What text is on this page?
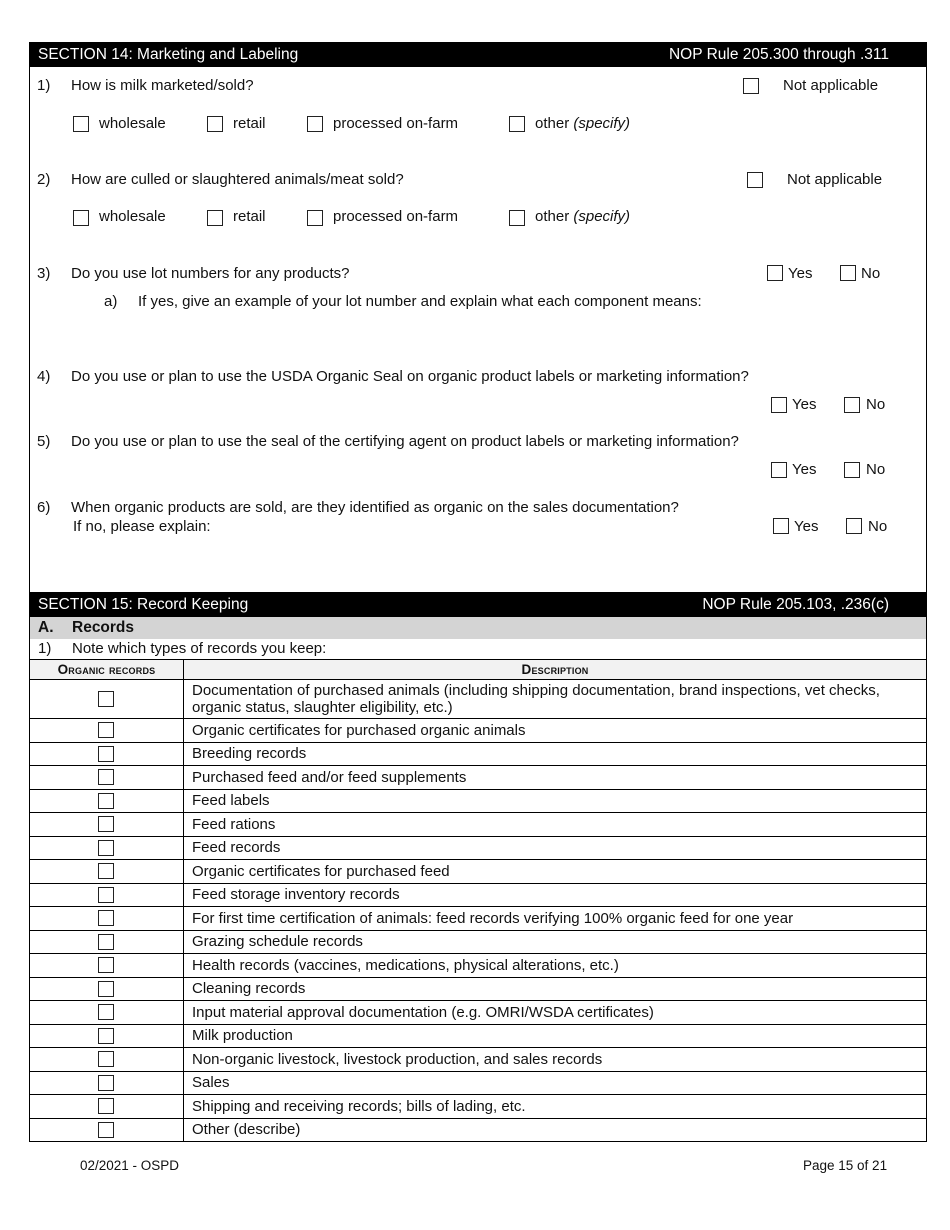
SECTION 14: Marketing and Labeling	NOP Rule 205.300 through .311
1) How is milk marketed/sold?	Not applicable
wholesale	retail	processed on-farm	other (specify)
2) How are culled or slaughtered animals/meat sold?	Not applicable
wholesale	retail	processed on-farm	other (specify)
3) Do you use lot numbers for any products?	Yes	No
a) If yes, give an example of your lot number and explain what each component means:
4) Do you use or plan to use the USDA Organic Seal on organic product labels or marketing information?
Yes	No
5) Do you use or plan to use the seal of the certifying agent on product labels or marketing information?
Yes	No
6) When organic products are sold, are they identified as organic on the sales documentation?
If no, please explain:	Yes	No
SECTION 15: Record Keeping	NOP Rule 205.103, .236(c)
A. Records
1) Note which types of records you keep:
Organic records	Description

	Documentation of purchased animals (including shipping documentation, brand inspections, vet checks, organic status, slaughter eligibility, etc.)

	Organic certificates for purchased organic animals

	Breeding records

	Purchased feed and/or feed supplements

	Feed labels

	Feed rations

	Feed records

	Organic certificates for purchased feed

	Feed storage inventory records

	For first time certification of animals: feed records verifying 100% organic feed for one year

	Grazing schedule records

	Health records (vaccines, medications, physical alterations, etc.)

	Cleaning records

	Input material approval documentation (e.g. OMRI/WSDA certificates)

	Milk production

	Non-organic livestock, livestock production, and sales records

	Sales

	Shipping and receiving records; bills of lading, etc.

	Other (describe)
02/2021 - OSPD	Page 15 of 21
